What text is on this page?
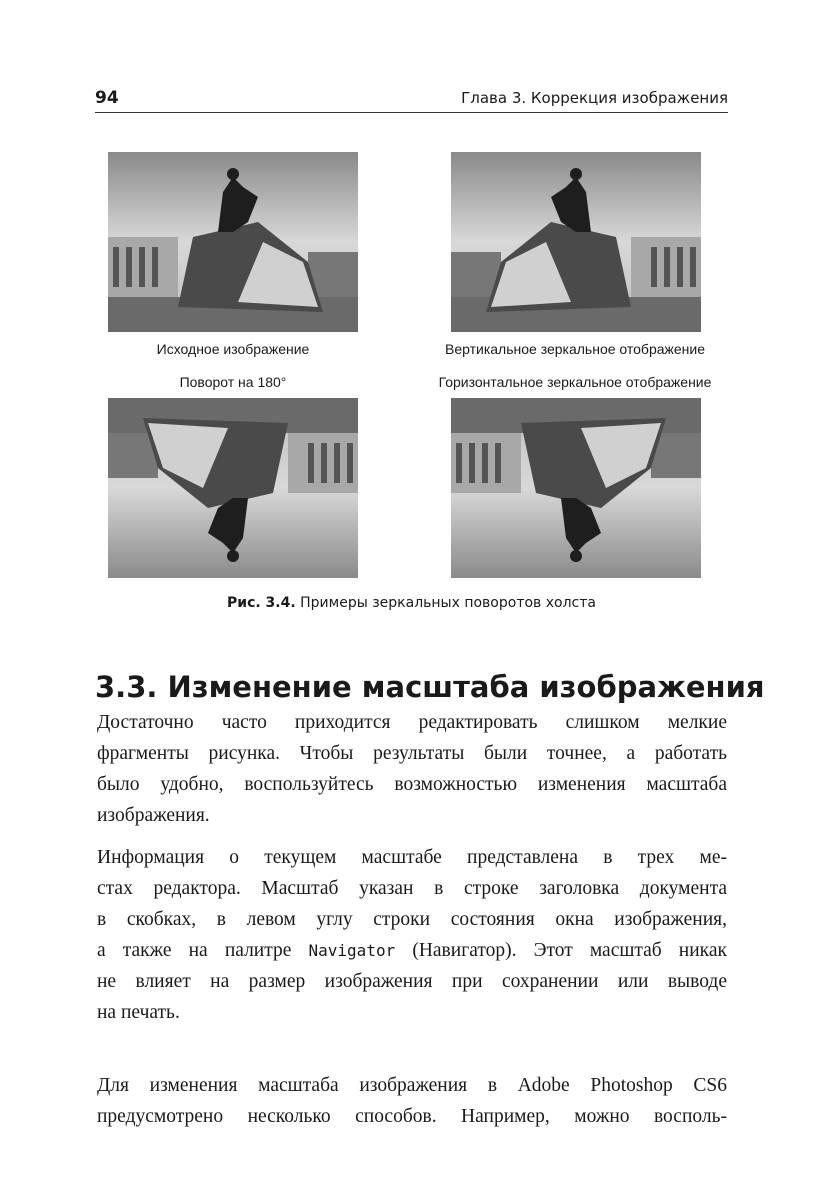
94	Глава 3. Коррекция изображения
Исходное изображение	Вертикальное зеркальное отображение
Поворот на 180°	Горизонтальное зеркальное отображение
Рис. 3.4. Примеры зеркальных поворотов холста
3.3. Изменение масштаба изображения
Достаточно часто приходится редактировать слишком мелкие
фрагменты рисунка. Чтобы результаты были точнее, а работать
было удобно, воспользуйтесь возможностью изменения масштаба
изображения.
Информация о текущем масштабе представлена в трех ме-
стах редактора. Масштаб указан в строке заголовка документа
в скобках, в левом углу строки состояния окна изображения,
а также на палитре Navigator (Навигатор). Этот масштаб никак
не влияет на размер изображения при сохранении или выводе
на печать.
Для изменения масштаба изображения в Adobe Photoshop CS6
предусмотрено несколько способов. Например, можно восполь-
